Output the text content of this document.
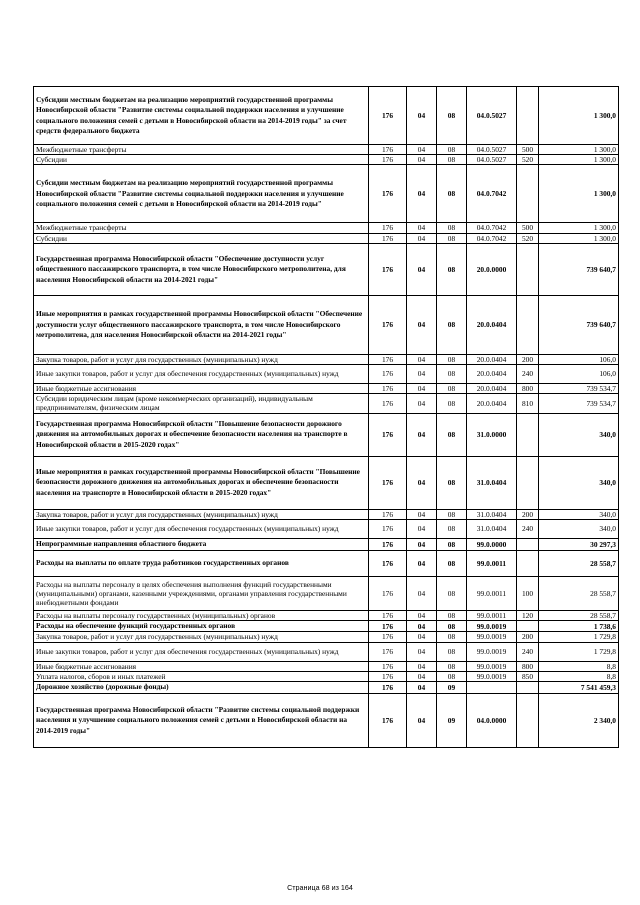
Субсидии местным бюджетам на реализацию мероприятий государственной программы Новосибирской области "Развитие системы социальной поддержки населения и улучшение социального положения семей с детьми в Новосибирской области на 2014-2019 годы" за счет средств федерального бюджета	176	04	08	04.0.5027		1 300,0
Межбюджетные трансферты	176	04	08	04.0.5027	500	1 300,0
Субсидии	176	04	08	04.0.5027	520	1 300,0
Субсидии местным бюджетам на реализацию мероприятий государственной программы Новосибирской области "Развитие системы социальной поддержки населения и улучшение социального положения семей с детьми в Новосибирской области на 2014-2019 годы"	176	04	08	04.0.7042		1 300,0
Межбюджетные трансферты	176	04	08	04.0.7042	500	1 300,0
Субсидии	176	04	08	04.0.7042	520	1 300,0
Государственная программа Новосибирской области "Обеспечение доступности услуг общественного пассажирского транспорта, в том числе Новосибирского метрополитена, для населения Новосибирской области на 2014-2021 годы"	176	04	08	20.0.0000		739 640,7
Иные мероприятия в рамках государственной программы Новосибирской области "Обеспечение доступности услуг общественного пассажирского транспорта, в том числе Новосибирского метрополитена, для населения Новосибирской области на 2014-2021 годы"	176	04	08	20.0.0404		739 640,7
Закупка товаров, работ и услуг для государственных (муниципальных) нужд	176	04	08	20.0.0404	200	106,0
Иные закупки товаров, работ и услуг для обеспечения государственных (муниципальных) нужд	176	04	08	20.0.0404	240	106,0
Иные бюджетные ассигнования	176	04	08	20.0.0404	800	739 534,7
Субсидии юридическим лицам (кроме некоммерческих организаций), индивидуальным предпринимателям, физическим лицам	176	04	08	20.0.0404	810	739 534,7
Государственная программа Новосибирской области "Повышение безопасности дорожного движения на автомобильных дорогах и обеспечение безопасности населения на транспорте в Новосибирской области в 2015-2020 годах"	176	04	08	31.0.0000		340,0
Иные мероприятия в рамках государственной программы Новосибирской области "Повышение безопасности дорожного движения на автомобильных дорогах и обеспечение безопасности населения на транспорте в Новосибирской области в 2015-2020 годах"	176	04	08	31.0.0404		340,0
Закупка товаров, работ и услуг для государственных (муниципальных) нужд	176	04	08	31.0.0404	200	340,0
Иные закупки товаров, работ и услуг для обеспечения государственных (муниципальных) нужд	176	04	08	31.0.0404	240	340,0
Непрограммные направления областного бюджета	176	04	08	99.0.0000		30 297,3
Расходы на выплаты по оплате труда работников государственных органов	176	04	08	99.0.0011		28 558,7
Расходы на выплаты персоналу в целях обеспечения выполнения функций государственными (муниципальными) органами, казенными учреждениями, органами управления государственными внебюджетными фондами	176	04	08	99.0.0011	100	28 558,7
Расходы на выплаты персоналу государственных (муниципальных) органов	176	04	08	99.0.0011	120	28 558,7
Расходы на обеспечение функций государственных органов	176	04	08	99.0.0019		1 738,6
Закупка товаров, работ и услуг для государственных (муниципальных) нужд	176	04	08	99.0.0019	200	1 729,8
Иные закупки товаров, работ и услуг для обеспечения государственных (муниципальных) нужд	176	04	08	99.0.0019	240	1 729,8
Иные бюджетные ассигнования	176	04	08	99.0.0019	800	8,8
Уплата налогов, сборов и иных платежей	176	04	08	99.0.0019	850	8,8
Дорожное хозяйство (дорожные фонды)	176	04	09			7 541 459,3
Государственная программа Новосибирской области "Развитие системы социальной поддержки населения и улучшение социального положения семей с детьми в Новосибирской области на 2014-2019 годы"	176	04	09	04.0.0000		2 340,0
Страница 68 из 164
